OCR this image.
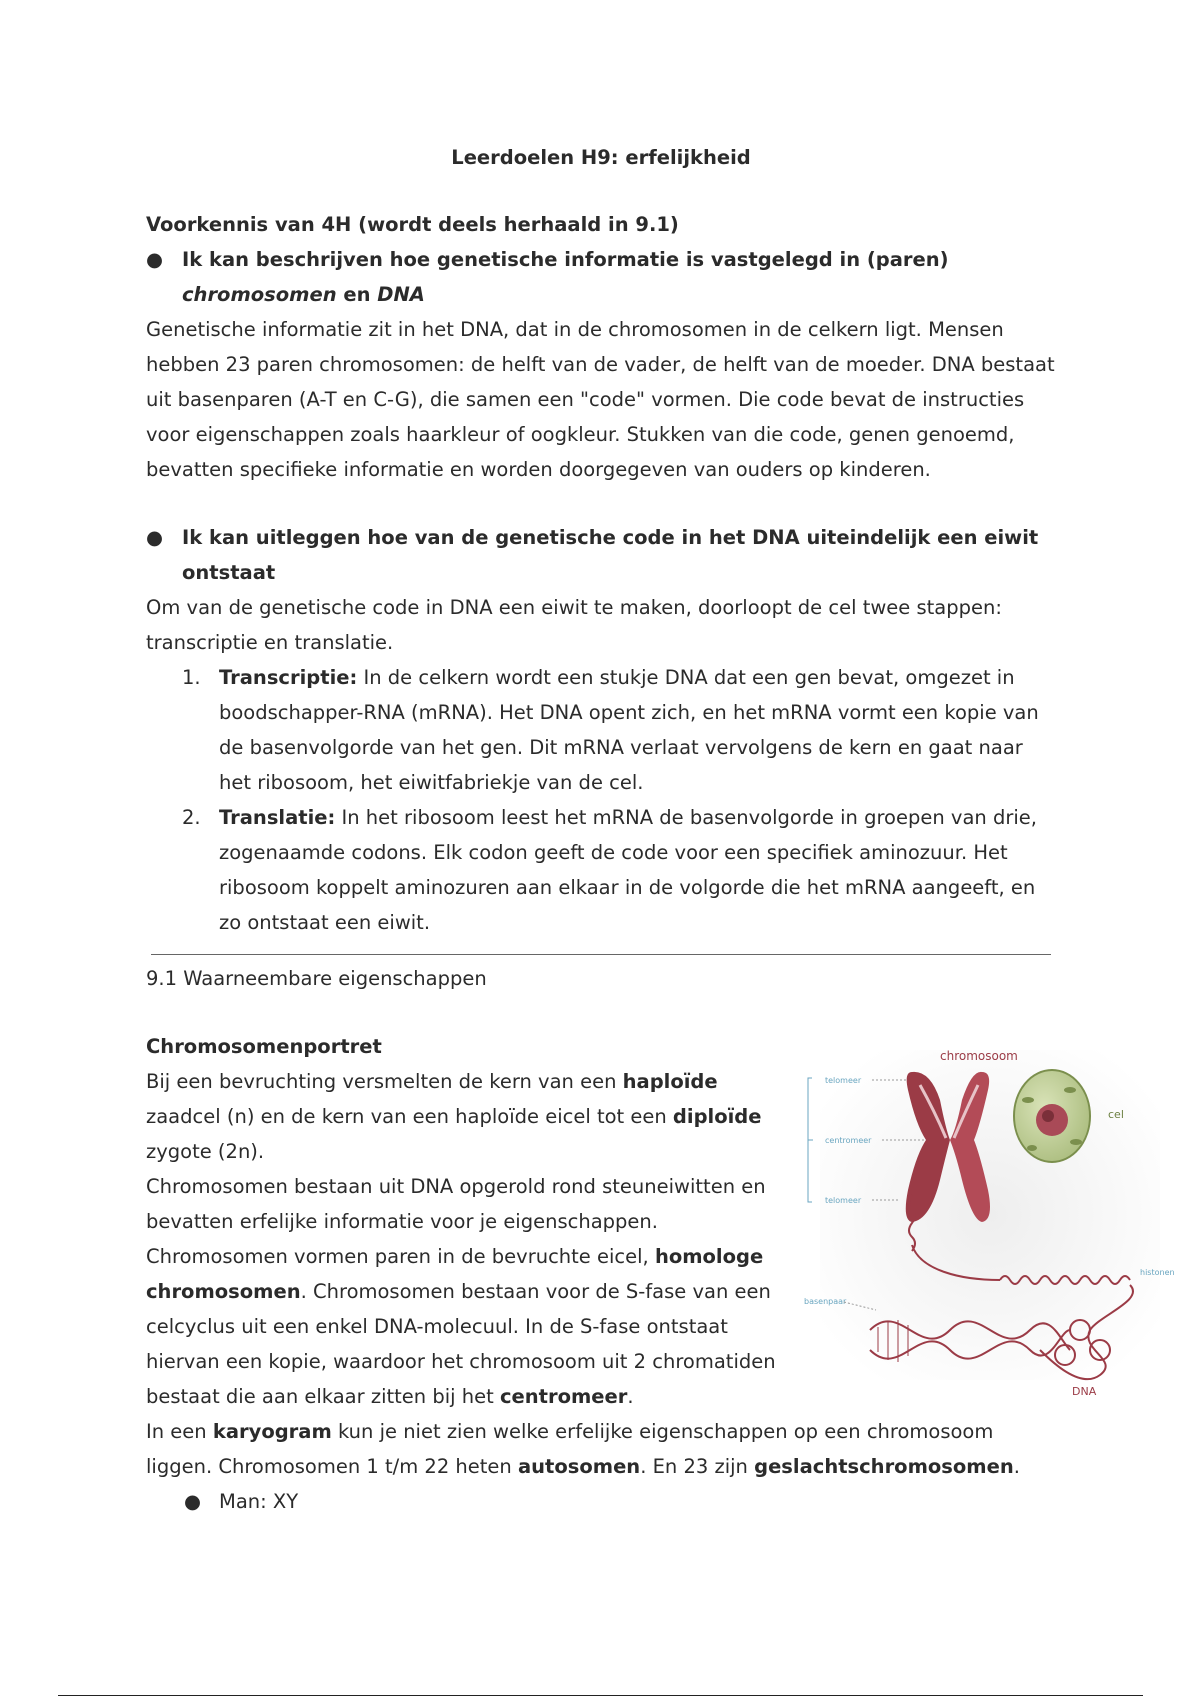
Leerdoelen H9: erfelijkheid

Voorkennis van 4H (wordt deels herhaald in 9.1)

● Ik kan beschrijven hoe genetische informatie is vastgelegd in (paren) chromosomen en DNA

Genetische informatie zit in het DNA, dat in de chromosomen in de celkern ligt. Mensen hebben 23 paren chromosomen: de helft van de vader, de helft van de moeder. DNA bestaat uit basenparen (A-T en C-G), die samen een "code" vormen. Die code bevat de instructies voor eigenschappen zoals haarkleur of oogkleur. Stukken van die code, genen genoemd, bevatten specifieke informatie en worden doorgegeven van ouders op kinderen.

● Ik kan uitleggen hoe van de genetische code in het DNA uiteindelijk een eiwit ontstaat

Om van de genetische code in DNA een eiwit te maken, doorloopt de cel twee stappen: transcriptie en translatie.

1. Transcriptie: In de celkern wordt een stukje DNA dat een gen bevat, omgezet in boodschapper-RNA (mRNA). Het DNA opent zich, en het mRNA vormt een kopie van de basenvolgorde van het gen. Dit mRNA verlaat vervolgens de kern en gaat naar het ribosoom, het eiwitfabriekje van de cel.
2. Translatie: In het ribosoom leest het mRNA de basenvolgorde in groepen van drie, zogenaamde codons. Elk codon geeft de code voor een specifiek aminozuur. Het ribosoom koppelt aminozuren aan elkaar in de volgorde die het mRNA aangeeft, en zo ontstaat een eiwit.

9.1 Waarneembare eigenschappen

Chromosomenportret

Bij een bevruchting versmelten de kern van een haploïde zaadcel (n) en de kern van een haploïde eicel tot een diploïde zygote (2n).

Chromosomen bestaan uit DNA opgerold rond steuneiwitten en bevatten erfelijke informatie voor je eigenschappen.

Chromosomen vormen paren in de bevruchte eicel, homologe chromosomen. Chromosomen bestaan voor de S-fase van een celcyclus uit een enkel DNA-molecuul. In de S-fase ontstaat hiervan een kopie, waardoor het chromosoom uit 2 chromatiden bestaat die aan elkaar zitten bij het centromeer.

In een karyogram kun je niet zien welke erfelijke eigenschappen op een chromosoom liggen. Chromosomen 1 t/m 22 heten autosomen. En 23 zijn geslachtschromosomen.

● Man: XY
chromosoom
telomeer
centromeer
telomeer
cel
histonen
basenpaar
DNA
